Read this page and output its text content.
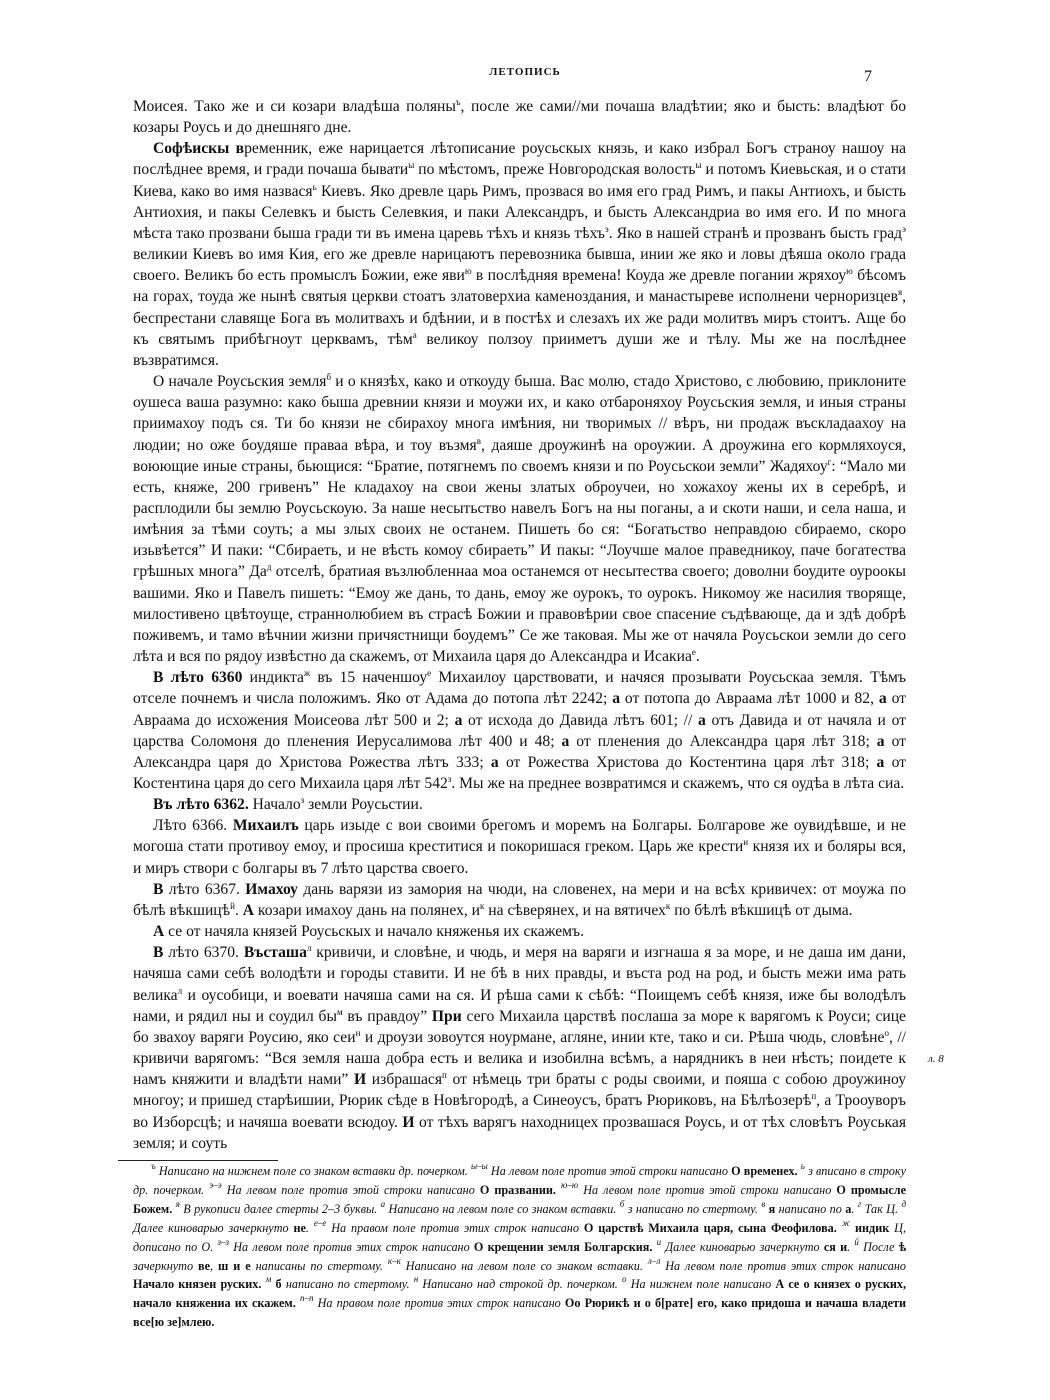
ЛЕТОПИСЬ	7

Моисея. Тако же и си козари владѣша поляны$^ъ$, после же сами//ми почаша владѣтии; яко и бысть: владѣют бо козары Роусь и до днешняго дне.

Софѣискы временник, еже нарицается лѣтописание роусьскых князь, и како избрал Богъ страноу нашоу на послѣднее время, и гради почаша бывати$^ы$ по мѣстомъ, преже Новгородская волость$^ы$ и потомъ Киевьская, и о стати Киева, како во имя назвася$^ь$ Киевъ. Яко древле царь Римъ, прозвася во имя его град Римъ, и пакы Антиохъ, и бысть Антиохия, и пакы Селевкъ и бысть Селевкия, и паки Александръ, и бысть Александриа во имя его. И по многа мѣста тако прозвани быша гради ти въ имена царевь тѣхъ и князь тѣхъ$^э$. Яко в нашей странѣ и прозванъ бысть град$^э$ великии Киевъ во имя Кия, его же древле нарицаютъ перевозника бывша, инии же яко и ловы дѣяша около града своего. Великъ бо есть промыслъ Божии, еже яви$^ю$ в послѣдняя времена! Коуда же древле погании жряхоу$^ю$ бѣсомъ на горах, тоуда же нынѣ святыя церкви стоатъ златоверхиа каменоздания, и манастыреве исполнени черноризцев$^я$, беспрестани славяще Бога въ молитвахъ и бдѣнии, и в постѣх и слезахъ их же ради молитвъ миръ стоитъ. Аще бо къ святымъ прибѣгноут церквамъ, тѣм$^а$ великоу ползоу прииметъ души же и тѣлу. Мы же на послѣднее възвратимся.

О начале Роусьския земля$^б$ и о князѣх, како и откоуду быша. Вас молю, стадо Христово, с любовию, приклоните оушеса ваша разумно: како быша древнии князи и моужи их, и како отбароняхоу Роусьския земля, и иныя страны приимахоу подъ ся. Ти бо князи не сбирахоу многа имѣния, ни творимых // вѣръ, ни продаж въскладаахоу на людии; но оже боудяше праваа вѣра, и тоу възмя$^в$, даяше дроужинѣ на ороужии. А дроужина его кормляхоуся, воюющие иные страны, бьющися: “Братие, потягнемъ по своемъ князи и по Роусьскои земли” Жадяхоу$^г$: “Мало ми есть, княже, 200 гривенъ” Не кладахоу на свои жены златых оброучеи, но хожахоу жены их в серебрѣ, и расплодили бы землю Роусьскоую. За наше несытьство навелъ Богъ на ны поганы, а и скоти наши, и села наша, и имѣния за тѣми соуть; а мы злых своих не останем. Пишеть бо ся: “Богатьство неправдою сбираемо, скоро изьвѣется” И паки: “Сбираеть, и не вѣсть комоу сбираеть” И пакы: “Лоучше малое праведникоу, паче богатества грѣшных многа” $Да^д$ отселѣ, братиая възлюбленнаа моа останемся от несытества своего; доволни боудите оуроокы вашими. Яко и Павелъ пишеть: “Емоу же дань, то дань, емоу же оурокъ, то оурокъ. Никомоу же насилия творяще, милостивено цвѣтоуще, страннолюбием въ страсѣ Божии и правовѣрии свое спасение съдѣвающе, да и здѣ добрѣ поживемъ, и тамо вѣчнии жизни причястнищи боудемъ” Се же таковая. Мы же от начяла Роусьскои земли до сего лѣта и вся по рядоу извѣстно да скажемъ, от Михаила царя до Александра и Исакиа$^е$.

В лѣто 6360 индикта$^ж$ въ 15 наченшоу$^е$ Михаилоу царствовати, и начяся прозывати Роусьскаа земля. Тѣмъ отселе почнемъ и числа положимъ. Яко от Адама до потопа лѣт 2242; а от потопа до Авраама лѣт 1000 и 82, а от Авраама до исхожения Моисеова лѣт 500 и 2; а от исхода до Давида лѣтъ 601; // а отъ Давида и от начяла и от царства Соломоня до пленения Иерусалимова лѣт 400 и 48; а от пленения до Александра царя лѣт 318; а от Александра царя до Христова Рожества лѣтъ 333; а от Рожества Христова до Костентина царя лѣт 318; а от Костентина царя до сего Михаила царя лѣт $542^з$. Мы же на преднее возвратимся и скажемъ, что ся оудѣа в лѣта сиа.

Въ лѣто 6362. Начало$^з$ земли Роусьстии.

Лѣто 6366. Михаилъ царь изыде с вои своими брегомъ и моремъ на Болгары. Болгарове же оувидѣвше, и не могоша стати противоу емоу, и просиша креститися и покоришася греком. Царь же крести$^и$ князя их и боляры вся, и миръ створи с болгары въ 7 лѣто царства своего.

В лѣто 6367. Имахоу дань варязи из замория на чюди, на словенех, на мери и на всѣх кривичех: от моужа по бѣлѣ вѣкшицѣ$^й$. А козари имахоу дань на полянех, $и^к$ на сѣверянех, и на вятичех$^к$ по бѣлѣ вѣкшицѣ от дыма.

А се от начяла князей Роусьскых и начало княженья их скажемъ.

В лѣто 6370. Въсташа$^л$ кривичи, и словѣне, и чюдь, и меря на варяги и изгнаша я за море, и не даша им дани, начяша сами себѣ володѣти и городы ставити. И не бѣ в них правды, и въста род на род, и бысть межи има рать велика$^л$ и оусобици, и воевати начяша сами на ся. И рѣша сами к сѣбѣ: “Поищемъ себѣ князя, иже бы володѣлъ нами, и рядил ны и соудил $бы^м$ въ правдоу” При сего Михаила царствѣ послаша за море к варягомъ к Роуси; сице бо звахоу варяги Роусию, яко сеи$^н$ и дроузи зовоутся ноурмане, агляне, инии кте, тако и си. Рѣша чюдь, словѣне$^о$, // кривичи варягомъ: “Вся земля наша добра есть и велика и изобилна всѣмъ, а нарядникъ в неи нѣсть; поидете к намъ княжити и владѣти нами” И избрашася$^п$ от нѣмець три браты с роды своими, и пояша с собою дроужиноу многоу; и пришед старѣишии, Рюрик сѣде в Новѣгородѣ, а Синеоусъ, братъ Рюриковъ, на Бѣлѣозерѣ$^п$, а Трооуворъ во Изборсцѣ; и начяша воевати всюдоу. И от тѣхъ варягъ находницех прозвашася Роусь, и от тѣх словѣтъ Роуськая земля; и соуть

л. 8
$^ъ$ Написано на нижнем поле со знаком вставки др. почерком. $^{ы-ы}$ На левом поле против этой строки написано О временех. $^ь$ з вписано в строку др. почерком. $^{э-э}$ На левом поле против этой строки написано О празвании. $^{ю-ю}$ На левом поле против этой строки написано О промысле Божем. $^я$ В рукописи далее стерты 2–3 буквы. $^а$ Написано на левом поле со знаком вставки. $^б$ з написано по стертому. $^в$ я написано по а. $^г$ Так Ц. $^д$ Далее киноварью зачеркнуто не. $^{е-е}$ На правом поле против этих строк написано О царствѣ Михаила царя, сына Феофилова. $^ж$ индик Ц, дописано по О. $^{з-з}$ На левом поле против этих строк написано О крещении земля Болгарския. $^и$ Далее киноварью зачеркнуто ся и. $^й$ После ѣ зачеркнуто ве, ш и е написаны по стертому. $^{к-к}$ Написано на левом поле со знаком вставки. $^{л-л}$ На левом поле против этих строк написано Начало князеи руских. $^м$ б написано по стертому. $^н$ Написано над строкой др. почерком. $^о$ На нижнем поле написано А се о князех о руских, начало княжениа их скажем. $^{п-п}$ На правом поле против этих строк написано Оо Рюрикѣ и о б[рате] его, како придоша и начаша владети все[ю зе]млею.
